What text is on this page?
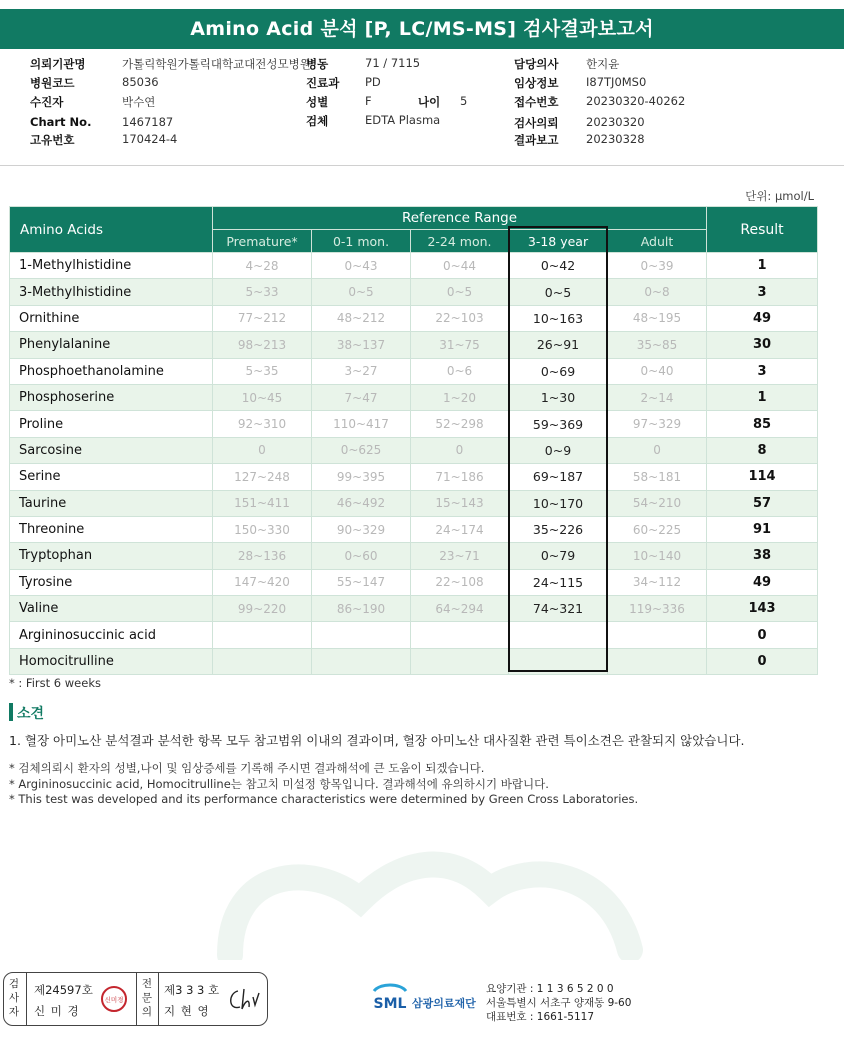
Amino Acid 분석 [P, LC/MS-MS] 검사결과보고서
의뢰기관명	가톨릭학원가톨릭대학교대전성모병원
병동	71 / 7115	담당의사 한지윤
병원코드	85036	진료과 PD	임상정보 I87TJ0MS0
수진자	박수연	성별	F	나이 5	접수번호 20230320-40262
Chart No.	1467187	검체	EDTA Plasma	검사의뢰 20230320
고유번호	170424-4	결과보고 20230328
단위: μmol/L
Amino Acids	Reference Range					Result
	Premature*	0-1 mon.	2-24 mon.	3-18 year	Adult	
1-Methylhistidine	4~28	0~43	0~44	0~42	0~39	1
3-Methylhistidine	5~33	0~5	0~5	0~5	0~8	3
Ornithine	77~212	48~212	22~103	10~163	48~195	49
Phenylalanine	98~213	38~137	31~75	26~91	35~85	30
Phosphoethanolamine	5~35	3~27	0~6	0~69	0~40	3
Phosphoserine	10~45	7~47	1~20	1~30	2~14	1
Proline	92~310	110~417	52~298	59~369	97~329	85
Sarcosine	0	0~625	0	0~9	0	8
Serine	127~248	99~395	71~186	69~187	58~181	114
Taurine	151~411	46~492	15~143	10~170	54~210	57
Threonine	150~330	90~329	24~174	35~226	60~225	91
Tryptophan	28~136	0~60	23~71	0~79	10~140	38
Tyrosine	147~420	55~147	22~108	24~115	34~112	49
Valine	99~220	86~190	64~294	74~321	119~336	143
Argininosuccinic acid						0
Homocitrulline						0
* : First 6 weeks
소견
1. 혈장 아미노산 분석결과 분석한 항목 모두 참고범위 이내의 결과이며, 혈장 아미노산 대사질환 관련 특이소견은 관찰되지 않았습니다.
* 검체의뢰시 환자의 성별,나이 및 임상증세를 기록해 주시면 결과해석에 큰 도움이 되겠습니다.
* Argininosuccinic acid, Homocitrulline는 참고치 미설정 항목입니다. 결과해석에 유의하시기 바랍니다.
* This test was developed and its performance characteristics were determined by Green Cross Laboratories.
검
사
자
제24597호
신 미 경
신미경
전
문
의
제3 3 3 호
지 현 영	SML 삼광의료재단
요양기관 : 1 1 3 6 5 2 0 0
서울특별시 서초구 양재동 9-60
대표번호 : 1661-5117
